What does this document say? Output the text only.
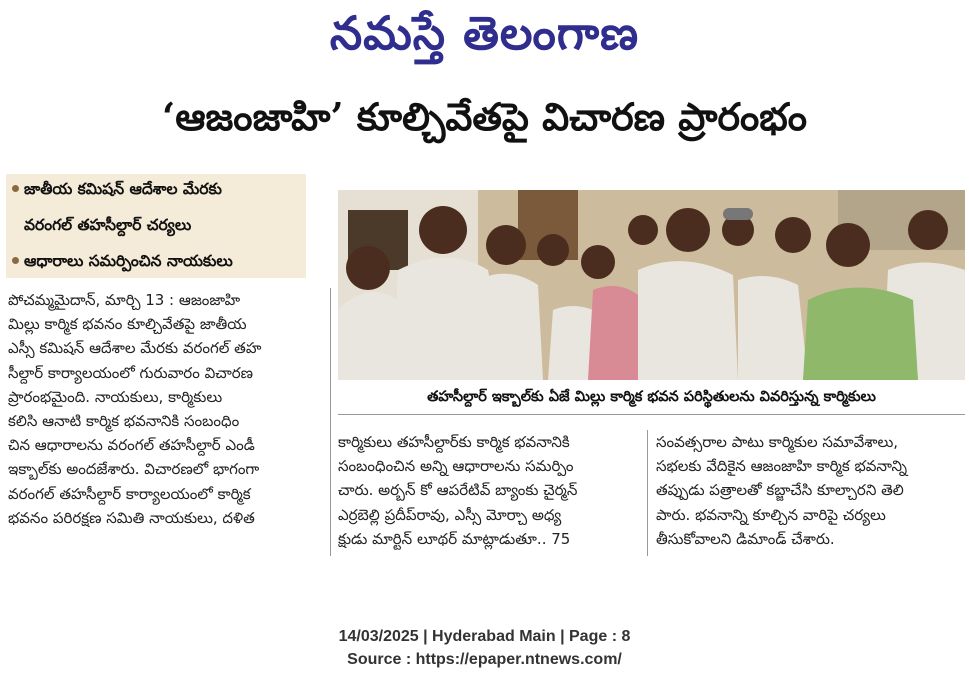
నమస్తే తెలంగాణ
‘ఆజంజాహి’ కూల్చివేతపై విచారణ ప్రారంభం
జాతీయ కమిషన్ ఆదేశాల మేరకు
వరంగల్ తహసీల్దార్ చర్యలు
ఆధారాలు సమర్పించిన నాయకులు
తహసీల్దార్ ఇక్బాల్‌కు ఏజే మిల్లు కార్మిక భవన పరిస్థితులను వివరిస్తున్న కార్మికులు

పోచమ్మమైదాన్, మార్చి 13 : ఆజంజాహి

మిల్లు కార్మిక భవనం కూల్చివేతపై జాతీయ

ఎస్సీ కమిషన్ ఆదేశాల మేరకు వరంగల్ తహ

సీల్దార్ కార్యాలయంలో గురువారం విచారణ

ప్రారంభమైంది. నాయకులు, కార్మికులు

కలిసి ఆనాటి కార్మిక భవనానికి సంబంధిం

చిన ఆధారాలను వరంగల్ తహసీల్దార్ ఎండీ

ఇక్బాల్‌కు అందజేశారు. విచారణలో భాగంగా

వరంగల్ తహసీల్దార్ కార్యాలయంలో కార్మిక

భవనం పరిరక్షణ సమితి నాయకులు, దళిత

కార్మికులు తహసీల్దార్‌కు కార్మిక భవనానికి

సంబంధించిన అన్ని ఆధారాలను సమర్పిం

చారు. అర్బన్ కో ఆపరేటివ్ బ్యాంకు చైర్మన్

ఎర్రబెల్లి ప్రదీప్‌రావు, ఎస్సీ మోర్చా అధ్య

క్షుడు మార్టిన్ లూథర్ మాట్లాడుతూ.. 75

సంవత్సరాల పాటు కార్మికుల సమావేశాలు,

సభలకు వేదికైన ఆజంజాహి కార్మిక భవనాన్ని

తప్పుడు పత్రాలతో కబ్జాచేసి కూల్చారని తెలి

పారు. భవనాన్ని కూల్చిన వారిపై చర్యలు

తీసుకోవాలని డిమాండ్ చేశారు.

14/03/2025 | Hyderabad Main | Page : 8
Source : https://epaper.ntnews.com/
